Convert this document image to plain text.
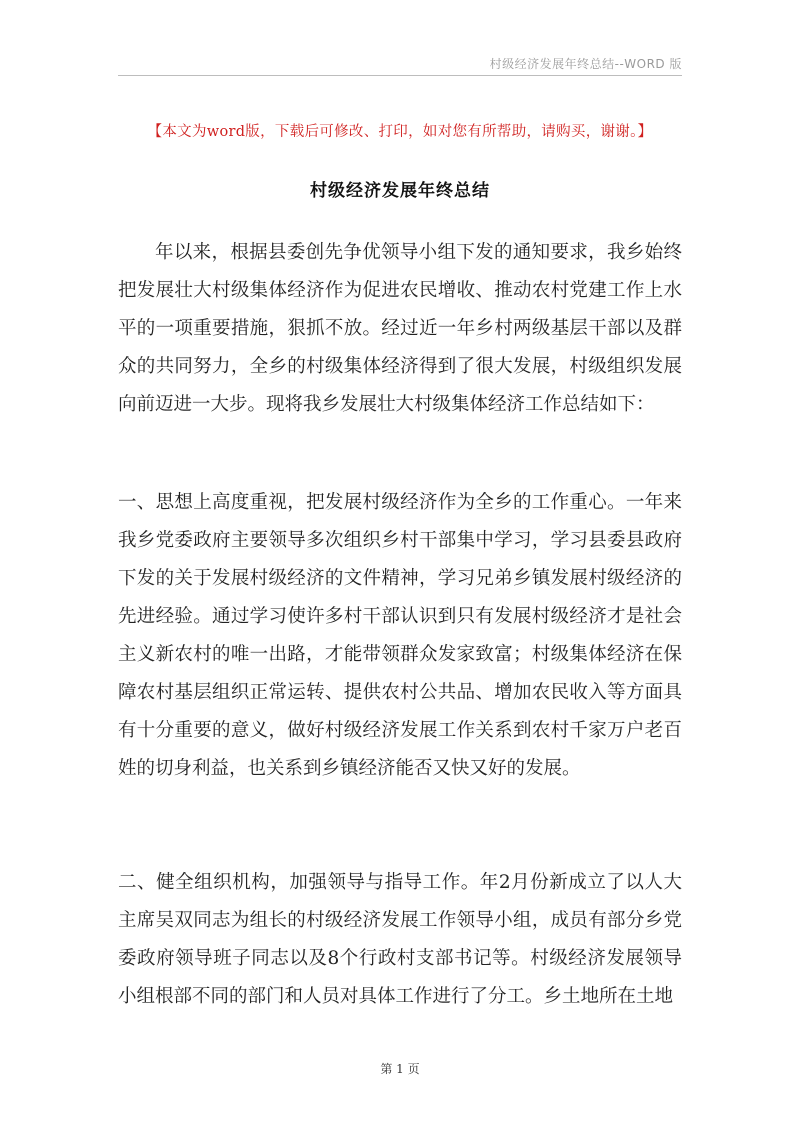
村级经济发展年终总结--WORD 版
【本文为word版，下载后可修改、打印，如对您有所帮助，请购买，谢谢。】
村级经济发展年终总结
年以来，根据县委创先争优领导小组下发的通知要求，我乡始终把发展壮大村级集体经济作为促进农民增收、推动农村党建工作上水平的一项重要措施，狠抓不放。经过近一年乡村两级基层干部以及群众的共同努力，全乡的村级集体经济得到了很大发展，村级组织发展向前迈进一大步。现将我乡发展壮大村级集体经济工作总结如下：
一、思想上高度重视，把发展村级经济作为全乡的工作重心。一年来我乡党委政府主要领导多次组织乡村干部集中学习，学习县委县政府下发的关于发展村级经济的文件精神，学习兄弟乡镇发展村级经济的先进经验。通过学习使许多村干部认识到只有发展村级经济才是社会主义新农村的唯一出路，才能带领群众发家致富；村级集体经济在保障农村基层组织正常运转、提供农村公共品、增加农民收入等方面具有十分重要的意义，做好村级经济发展工作关系到农村千家万户老百姓的切身利益，也关系到乡镇经济能否又快又好的发展。
二、健全组织机构，加强领导与指导工作。年2月份新成立了以人大主席吴双同志为组长的村级经济发展工作领导小组，成员有部分乡党委政府领导班子同志以及8个行政村支部书记等。村级经济发展领导小组根部不同的部门和人员对具体工作进行了分工。乡土地所在土地
第 1 页
